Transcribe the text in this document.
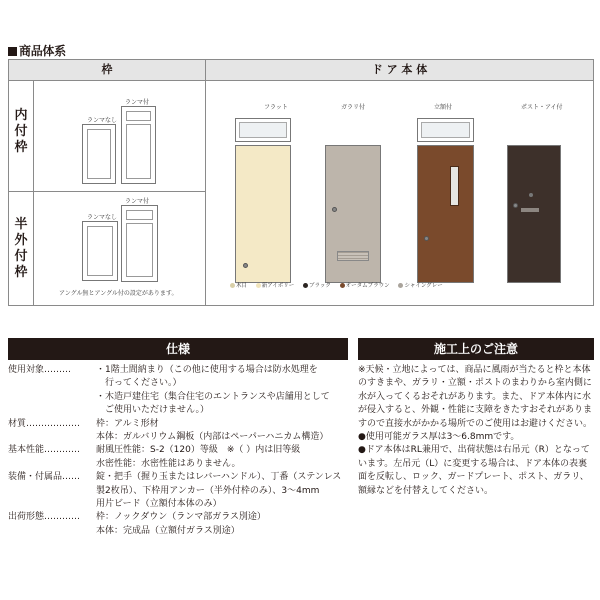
商品体系
枠	ド ア 本 体
内付枠
半外付枠
ランマなし
ランマ付
ランマなし
ランマ付
アングル無とアングル付の設定があります。
フラット	ガラリ付	立額付	ポスト・アイ付
木目	新アイボリー	ブラック	オータムブラウン	シャイングレー
仕様	施工上のご注意
使用対象………	・1階土間納まり（この他に使用する場合は防水処理を
　行ってください。）
・木造戸建住宅（集合住宅のエントランスや店舗用として
　ご使用いただけません。）
材質………………	枠：アルミ形材
本体：ガルバリウム鋼板（内部はペーパーハニカム構造）
基本性能…………	耐風圧性能：S-2（120）等級　※（ ）内は旧等級
水密性能：水密性能はありません。
装備・付属品……	錠・把手（握り玉またはレバーハンドル）、丁番（ステンレス
製2枚吊）、下枠用アンカー（半外付枠のみ）、3～4mm
用片ビード（立額付本体のみ）
出荷形態…………	枠：ノックダウン（ランマ部ガラス別途）
本体：完成品（立額付ガラス別途）

※天候・立地によっては、商品に風雨が当たると枠と本体のすきまや、ガラリ・立額・ポストのまわりから室内側に水が入ってくるおそれがあります。また、ドア本体内に水が侵入すると、外観・性能に支障をきたすおそれがありますので直接水がかかる場所でのご使用はお避けください。

●使用可能ガラス厚は3～6.8mmです。

●ドア本体はRL兼用で、出荷状態は右吊元（R）となっています。左吊元（L）に変更する場合は、ドア本体の表裏面を反転し、ロック、ガードプレート、ポスト、ガラリ、額縁などを付替えしてください。
